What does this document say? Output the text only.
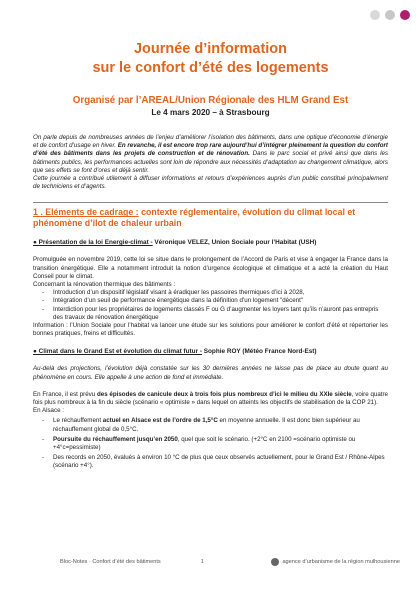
Journée d’information
sur le confort d’été des logements
Organisé par l’AREAL/Union Régionale des HLM Grand Est
Le 4 mars 2020 – à Strasbourg
On parle depuis de nombreuses années de l’enjeu d’améliorer l’isolation des bâtiments, dans une optique d’économie d’énergie et de confort d’usage en hiver. En revanche, il est encore trop rare aujourd’hui d’intégrer pleinement la question du confort d’été des bâtiments dans les projets de construction et de rénovation. Dans le parc social et privé ainsi que dans les bâtiments publics, les performances actuelles sont loin de répondre aux nécessités d’adaptation au changement climatique, alors que ses effets se font d’ores et déjà sentir.
Cette journée a contribué utilement à diffuser informations et retours d’expériences auprès d’un public constitué principalement de techniciens et d’agents.
1 . Eléments de cadrage : contexte réglementaire, évolution du climat local et phénomène d’îlot de chaleur urbain
● Présentation de la loi Energie-climat - Véronique VELEZ, Union Sociale pour l’Habitat (USH)
Promulguée en novembre 2019, cette loi se situe dans le prolongement de l’Accord de Paris et vise à engager la France dans la transition énergétique. Elle a notamment introduit la notion d’urgence écologique et climatique et a acté la création du Haut Conseil pour le climat.
Concernant la rénovation thermique des bâtiments :
- Introduction d’un dispositif législatif visant à éradiquer les passoires thermiques d’ici à 2028,
- Intégration d’un seuil de performance énergétique dans la définition d’un logement "décent"
- Interdiction pour les propriétaires de logements classés F ou G d’augmenter les loyers tant qu’ils n’auront pas entrepris des travaux de rénovation énergétique
Information : l’Union Sociale pour l’habitat va lancer une étude sur les solutions pour améliorer le confort d’été et répertorier les bonnes pratiques, freins et difficultés.
● Climat dans le Grand Est et évolution du climat futur - Sophie ROY (Météo France Nord-Est)
Au-delà des projections, l’évolution déjà constatée sur les 30 dernières années ne laisse pas de place au doute quant au phénomène en cours. Elle appelle à une action de fond et immédiate.
En France, il est prévu des épisodes de canicule deux à trois fois plus nombreux d’ici le milieu du XXIe siècle, voire quatre fois plus nombreux à la fin du siècle (scénario « optimiste » dans lequel on atteints les objectifs de stabilisation de la COP 21).
En Alsace :
- Le réchauffement actuel en Alsace est de l’ordre de 1,5°C en moyenne annuelle. Il est donc bien supérieur au réchauffement global de 0,5°C.
- Poursuite du réchauffement jusqu’en 2050, quel que soit le scénario. (+2°C en 2100 =scénario optimiste ou +4°c=pessimiste)
- Des records en 2050, évalués à environ 10 °C de plus que ceux observés actuellement, pour le Grand Est / Rhône-Alpes (scénario +4°).
Bloc-Notes · Confort d’été des bâtiments	1	agence d’urbanisme de la région mulhousienne
